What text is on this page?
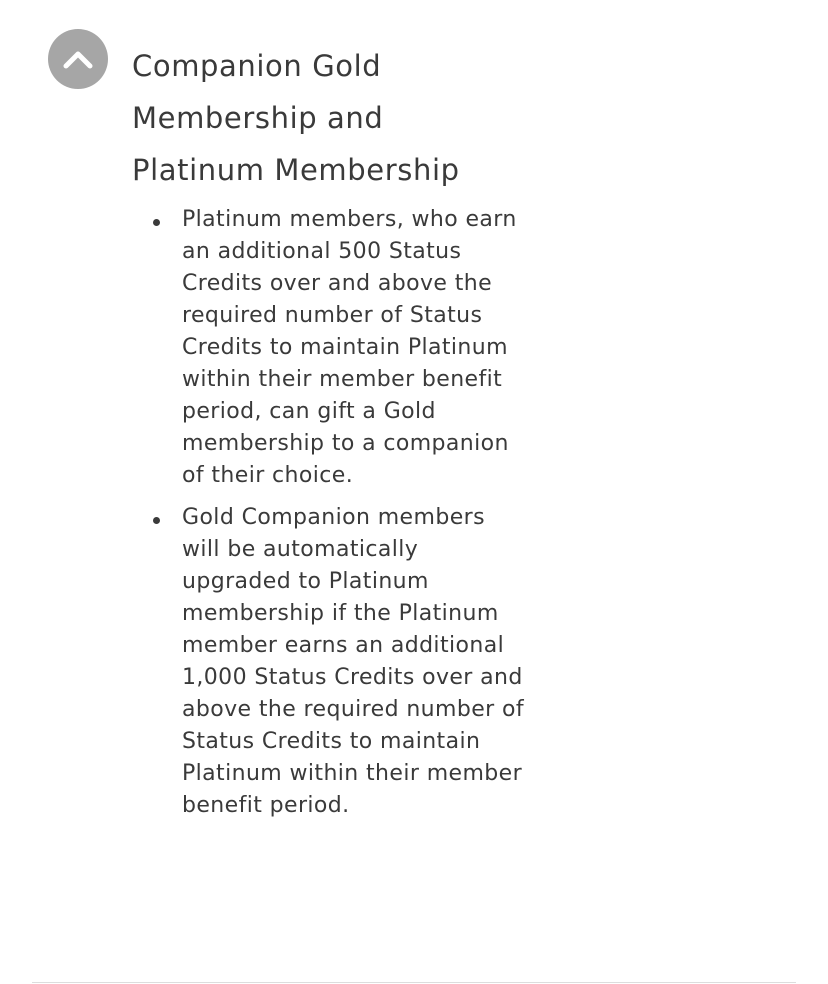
Companion Gold
Membership and
Platinum Membership
Platinum members, who earn an additional 500 Status Credits over and above the required number of Status Credits to maintain Platinum within their member benefit period, can gift a Gold membership to a companion of their choice.
Gold Companion members will be automatically upgraded to Platinum membership if the Platinum member earns an additional 1,000 Status Credits over and above the required number of Status Credits to maintain Platinum within their member benefit period.
